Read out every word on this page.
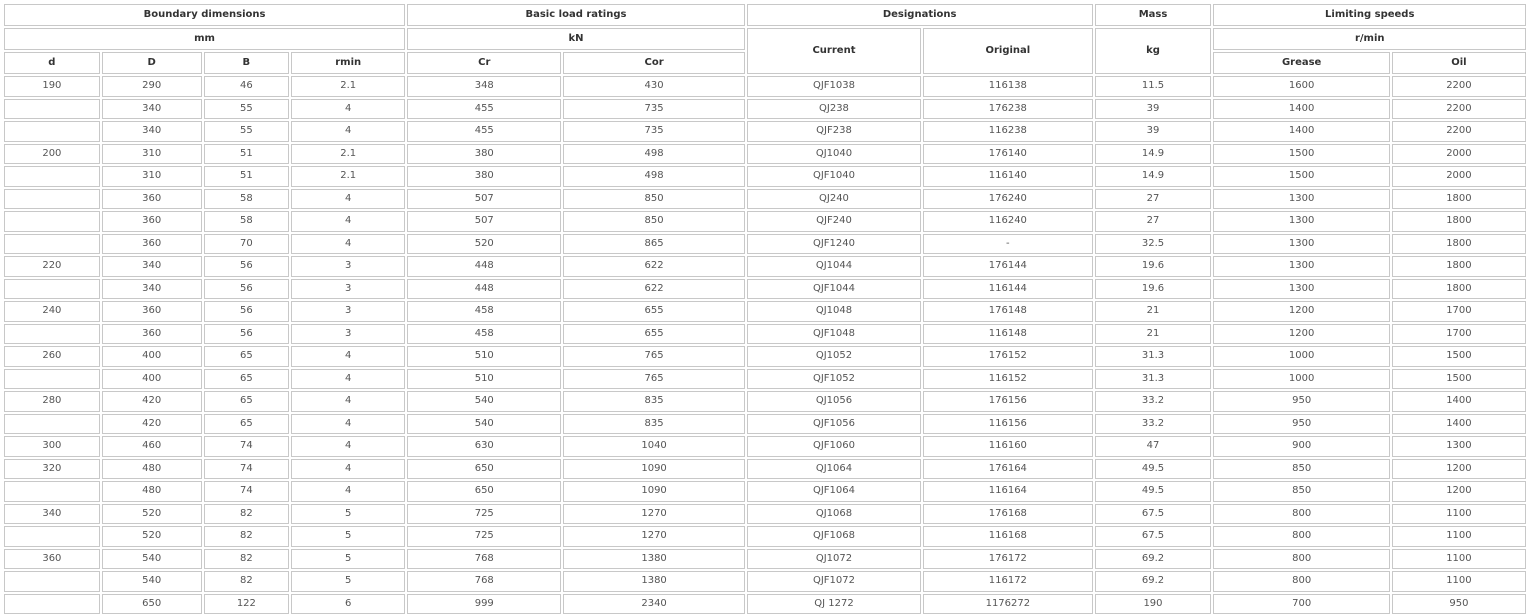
Boundary dimensions				Basic load ratings		Designations		Mass	Limiting speeds	
mm				kN		Current	Original	kg	r/min	
d	D	B	rmin	Cr	Cor				Grease	Oil
190	290	46	2.1	348	430	QJF1038	116138	11.5	1600	2200
	340	55	4	455	735	QJ238	176238	39	1400	2200
	340	55	4	455	735	QJF238	116238	39	1400	2200
200	310	51	2.1	380	498	QJ1040	176140	14.9	1500	2000
	310	51	2.1	380	498	QJF1040	116140	14.9	1500	2000
	360	58	4	507	850	QJ240	176240	27	1300	1800
	360	58	4	507	850	QJF240	116240	27	1300	1800
	360	70	4	520	865	QJF1240	-	32.5	1300	1800
220	340	56	3	448	622	QJ1044	176144	19.6	1300	1800
	340	56	3	448	622	QJF1044	116144	19.6	1300	1800
240	360	56	3	458	655	QJ1048	176148	21	1200	1700
	360	56	3	458	655	QJF1048	116148	21	1200	1700
260	400	65	4	510	765	QJ1052	176152	31.3	1000	1500
	400	65	4	510	765	QJF1052	116152	31.3	1000	1500
280	420	65	4	540	835	QJ1056	176156	33.2	950	1400
	420	65	4	540	835	QJF1056	116156	33.2	950	1400
300	460	74	4	630	1040	QJF1060	116160	47	900	1300
320	480	74	4	650	1090	QJ1064	176164	49.5	850	1200
	480	74	4	650	1090	QJF1064	116164	49.5	850	1200
340	520	82	5	725	1270	QJ1068	176168	67.5	800	1100
	520	82	5	725	1270	QJF1068	116168	67.5	800	1100
360	540	82	5	768	1380	QJ1072	176172	69.2	800	1100
	540	82	5	768	1380	QJF1072	116172	69.2	800	1100
	650	122	6	999	2340	QJ 1272	1176272	190	700	950
